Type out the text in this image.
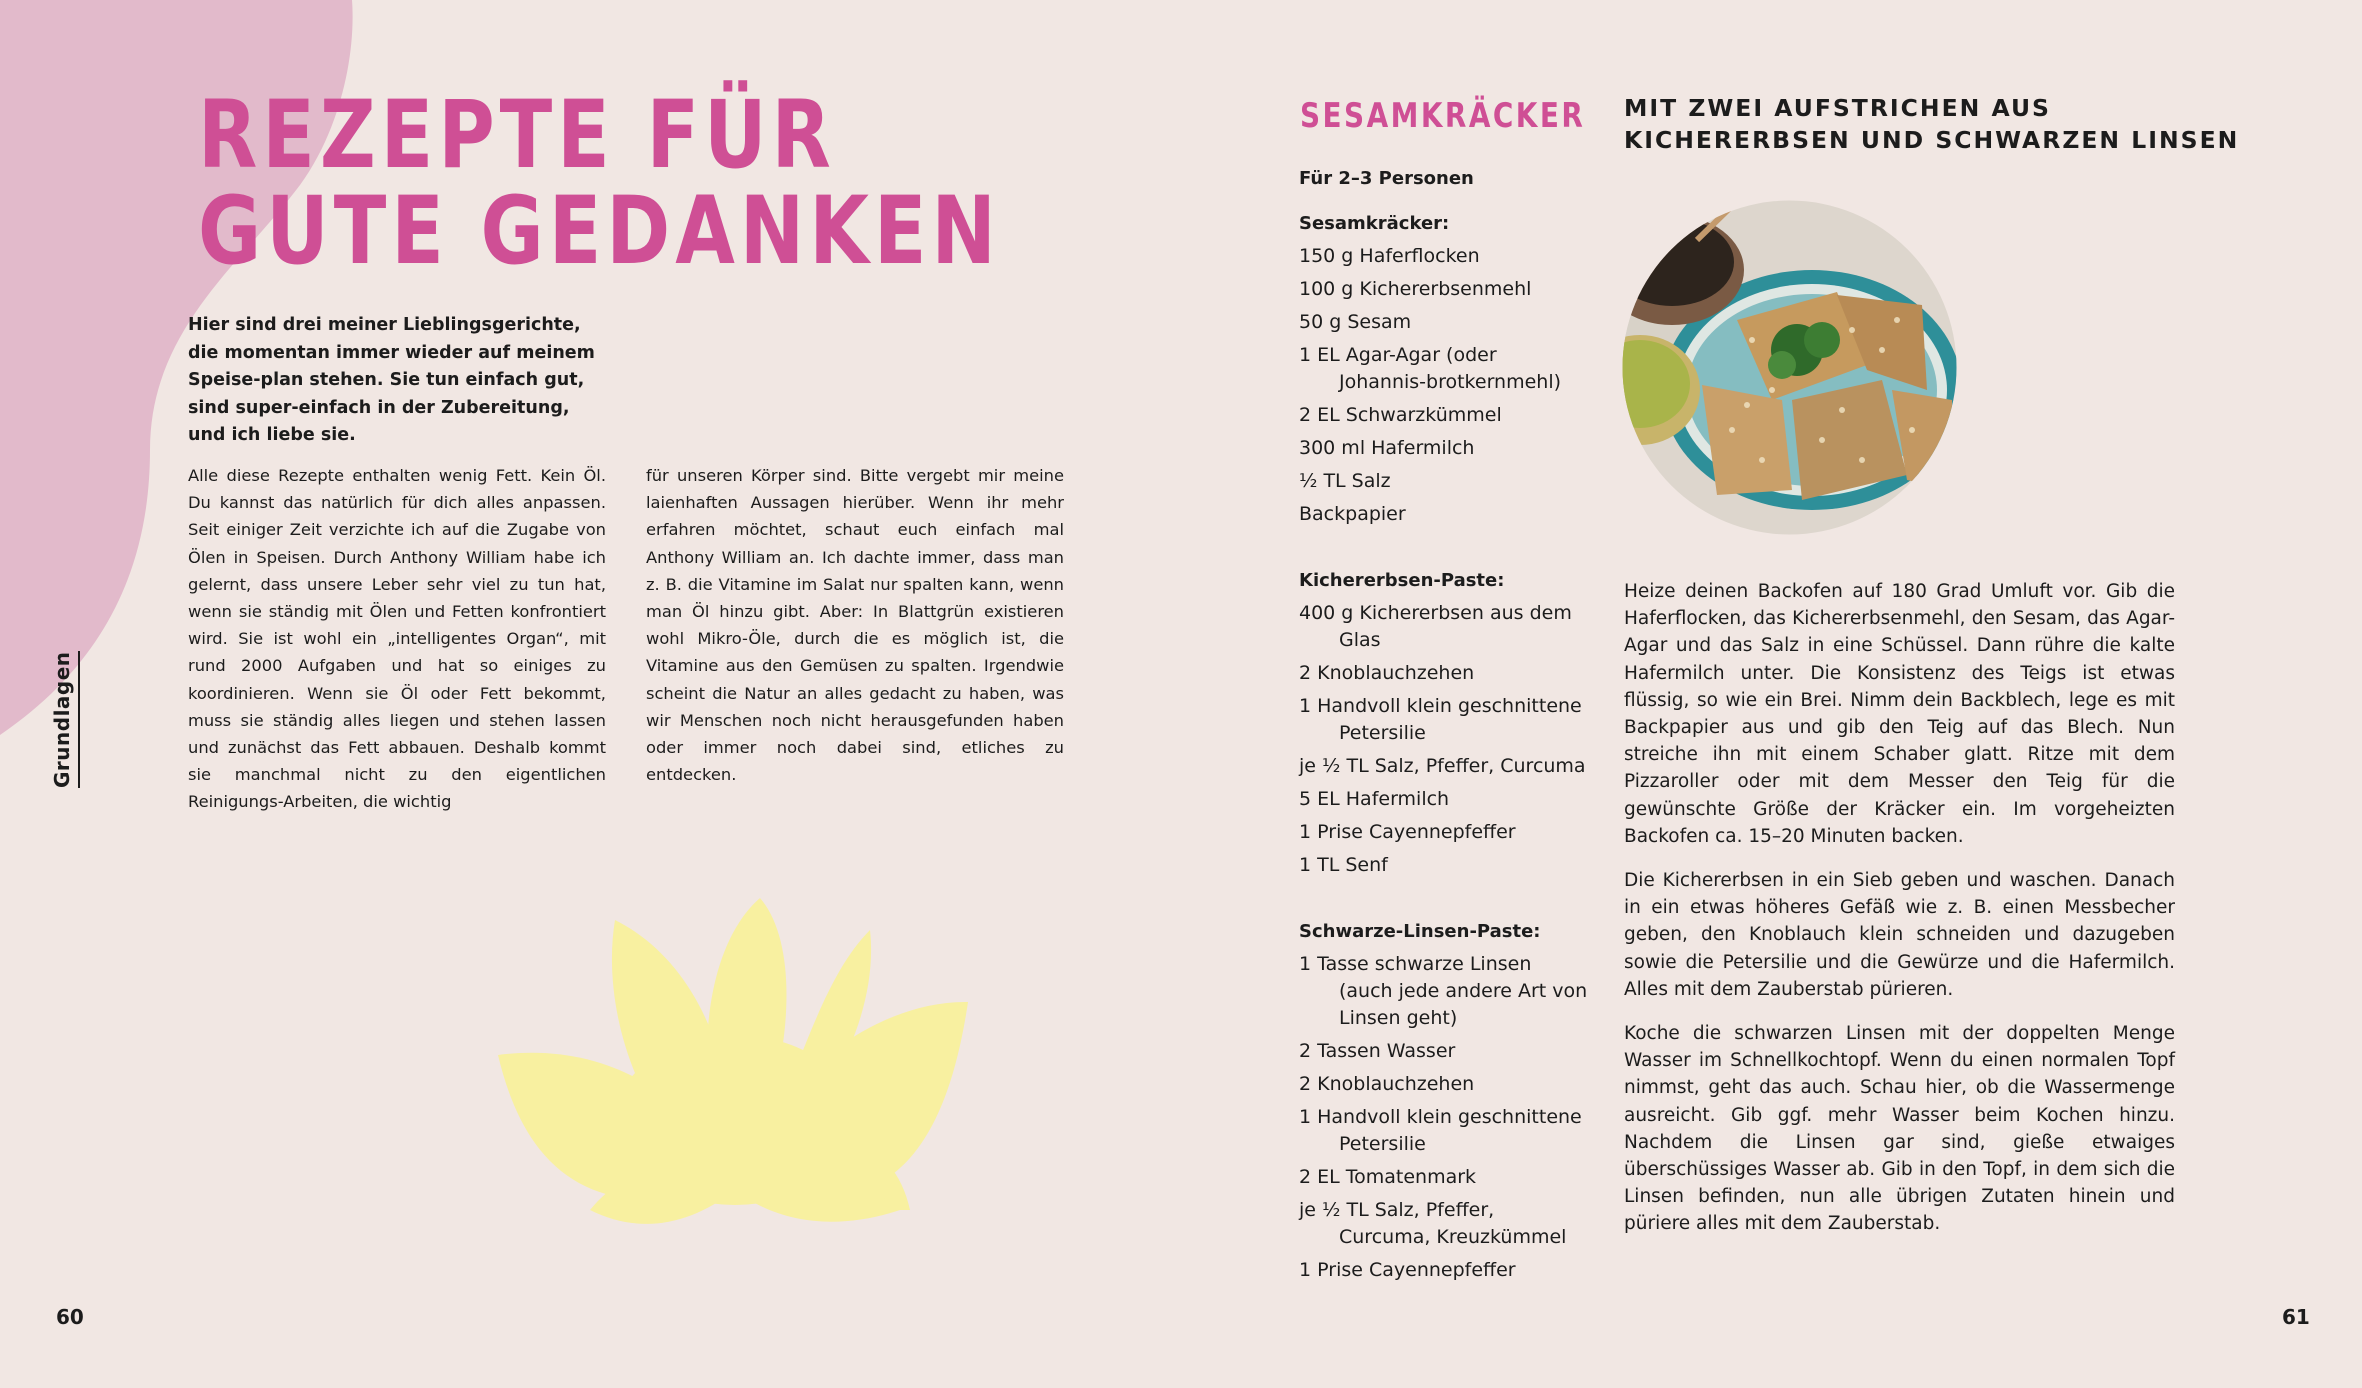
REZEPTE FÜR
GUTE GEDANKEN

Hier sind drei meiner Lieblingsgerichte, die momentan immer wieder auf meinem Speise-plan stehen. Sie tun einfach gut, sind super-einfach in der Zubereitung, und ich liebe sie.

Alle diese Rezepte enthalten wenig Fett. Kein Öl. Du kannst das natürlich für dich alles anpassen. Seit einiger Zeit verzichte ich auf die Zugabe von Ölen in Speisen. Durch Anthony William habe ich gelernt, dass unsere Leber sehr viel zu tun hat, wenn sie ständig mit Ölen und Fetten konfrontiert wird. Sie ist wohl ein „intelligentes Organ“, mit rund 2000 Aufgaben und hat so einiges zu koordinieren. Wenn sie Öl oder Fett bekommt, muss sie ständig alles liegen und stehen lassen und zunächst das Fett abbauen. Deshalb kommt sie manchmal nicht zu den eigentlichen Reinigungs-Arbeiten, die wichtig

für unseren Körper sind. Bitte vergebt mir meine laienhaften Aussagen hierüber. Wenn ihr mehr erfahren möchtet, schaut euch einfach mal Anthony William an. Ich dachte immer, dass man z. B. die Vitamine im Salat nur spalten kann, wenn man Öl hinzu gibt. Aber: In Blattgrün existieren wohl Mikro-Öle, durch die es möglich ist, die Vitamine aus den Gemüsen zu spalten. Irgendwie scheint die Natur an alles gedacht zu haben, was wir Menschen noch nicht herausgefunden haben oder immer noch dabei sind, etliches zu entdecken.

Grundlagen
60
SESAMKRÄCKER MIT ZWEI AUFSTRICHEN AUS
KICHERERBSEN UND SCHWARZEN LINSEN
Für 2–3 Personen
Sesamkräcker:
150 g Haferflocken
100 g Kichererbsenmehl
50 g Sesam
1 EL Agar-Agar (oder Johannis-brotkernmehl)
2 EL Schwarzkümmel
300 ml Hafermilch
½ TL Salz
Backpapier
Kichererbsen-Paste:
400 g Kichererbsen aus dem Glas
2 Knoblauchzehen
1 Handvoll klein geschnittene Petersilie
je ½ TL Salz, Pfeffer, Curcuma
5 EL Hafermilch
1 Prise Cayennepfeffer
1 TL Senf
Schwarze-Linsen-Paste:
1 Tasse schwarze Linsen (auch jede andere Art von Linsen geht)
2 Tassen Wasser
2 Knoblauchzehen
1 Handvoll klein geschnittene Petersilie
2 EL Tomatenmark
je ½ TL Salz, Pfeffer, Curcuma, Kreuzkümmel
1 Prise Cayennepfeffer

Heize deinen Backofen auf 180 Grad Umluft vor. Gib die Haferflocken, das Kichererbsenmehl, den Sesam, das Agar-Agar und das Salz in eine Schüssel. Dann rühre die kalte Hafermilch unter. Die Konsistenz des Teigs ist etwas flüssig, so wie ein Brei. Nimm dein Backblech, lege es mit Backpapier aus und gib den Teig auf das Blech. Nun streiche ihn mit einem Schaber glatt. Ritze mit dem Pizzaroller oder mit dem Messer den Teig für die gewünschte Größe der Kräcker ein. Im vorgeheizten Backofen ca. 15–20 Minuten backen.

Die Kichererbsen in ein Sieb geben und waschen. Danach in ein etwas höheres Gefäß wie z. B. einen Messbecher geben, den Knoblauch klein schneiden und dazugeben sowie die Petersilie und die Gewürze und die Hafermilch. Alles mit dem Zauberstab pürieren.

Koche die schwarzen Linsen mit der doppelten Menge Wasser im Schnellkochtopf. Wenn du einen normalen Topf nimmst, geht das auch. Schau hier, ob die Wassermenge ausreicht. Gib ggf. mehr Wasser beim Kochen hinzu. Nachdem die Linsen gar sind, gieße etwaiges überschüssiges Wasser ab. Gib in den Topf, in dem sich die Linsen befinden, nun alle übrigen Zutaten hinein und püriere alles mit dem Zauberstab.

61
